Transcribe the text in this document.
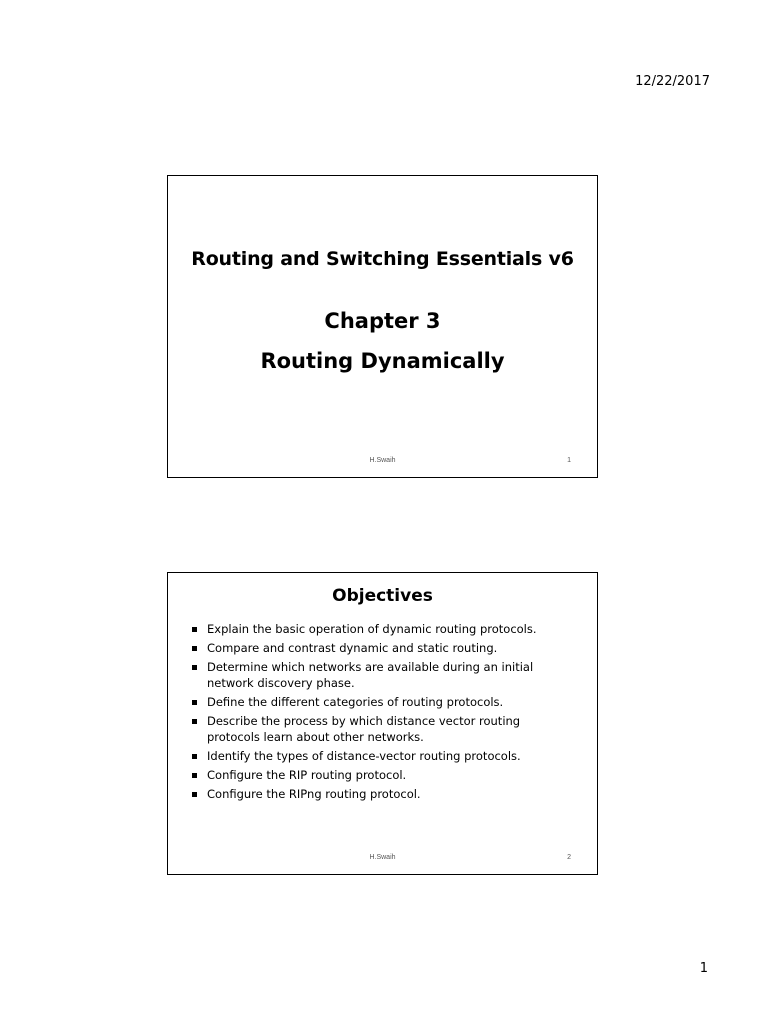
12/22/2017
Routing and Switching Essentials v6
Chapter 3
Routing Dynamically
H.Swaih	1
Objectives
Explain the basic operation of dynamic routing protocols.
Compare and contrast dynamic and static routing.
Determine which networks are available during an initial network discovery phase.
Define the different categories of routing protocols.
Describe the process by which distance vector routing protocols learn about other networks.
Identify the types of distance-vector routing protocols.
Configure the RIP routing protocol.
Configure the RIPng routing protocol.
H.Swaih	2
1
